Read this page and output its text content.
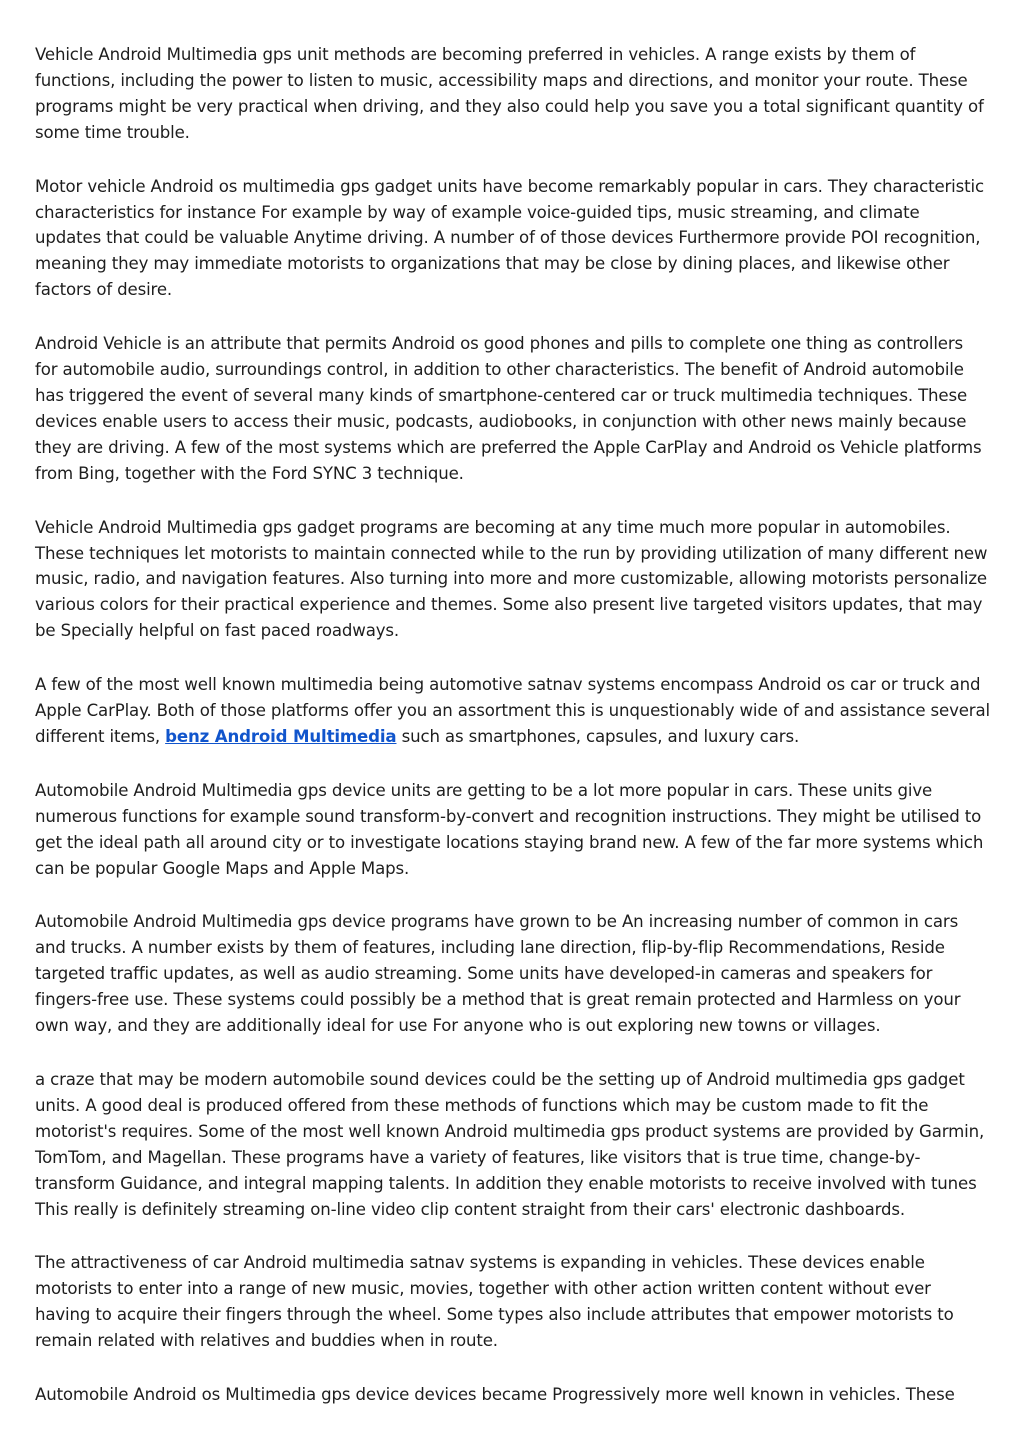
Vehicle Android Multimedia gps unit methods are becoming preferred in vehicles. A range exists by them of functions, including the power to listen to music, accessibility maps and directions, and monitor your route. These programs might be very practical when driving, and they also could help you save you a total significant quantity of some time trouble.

Motor vehicle Android os multimedia gps gadget units have become remarkably popular in cars. They characteristic characteristics for instance For example by way of example voice-guided tips, music streaming, and climate updates that could be valuable Anytime driving. A number of of those devices Furthermore provide POI recognition, meaning they may immediate motorists to organizations that may be close by dining places, and likewise other factors of desire.

Android Vehicle is an attribute that permits Android os good phones and pills to complete one thing as controllers for automobile audio, surroundings control, in addition to other characteristics. The benefit of Android automobile has triggered the event of several many kinds of smartphone-centered car or truck multimedia techniques. These devices enable users to access their music, podcasts, audiobooks, in conjunction with other news mainly because they are driving. A few of the most systems which are preferred the Apple CarPlay and Android os Vehicle platforms from Bing, together with the Ford SYNC 3 technique.

Vehicle Android Multimedia gps gadget programs are becoming at any time much more popular in automobiles. These techniques let motorists to maintain connected while to the run by providing utilization of many different new music, radio, and navigation features. Also turning into more and more customizable, allowing motorists personalize various colors for their practical experience and themes. Some also present live targeted visitors updates, that may be Specially helpful on fast paced roadways.

A few of the most well known multimedia being automotive satnav systems encompass Android os car or truck and Apple CarPlay. Both of those platforms offer you an assortment this is unquestionably wide of and assistance several different items, benz Android Multimedia such as smartphones, capsules, and luxury cars.

Automobile Android Multimedia gps device units are getting to be a lot more popular in cars. These units give numerous functions for example sound transform-by-convert and recognition instructions. They might be utilised to get the ideal path all around city or to investigate locations staying brand new. A few of the far more systems which can be popular Google Maps and Apple Maps.

Automobile Android Multimedia gps device programs have grown to be An increasing number of common in cars and trucks. A number exists by them of features, including lane direction, flip-by-flip Recommendations, Reside targeted traffic updates, as well as audio streaming. Some units have developed-in cameras and speakers for fingers-free use. These systems could possibly be a method that is great remain protected and Harmless on your own way, and they are additionally ideal for use For anyone who is out exploring new towns or villages.

a craze that may be modern automobile sound devices could be the setting up of Android multimedia gps gadget units. A good deal is produced offered from these methods of functions which may be custom made to fit the motorist's requires. Some of the most well known Android multimedia gps product systems are provided by Garmin, TomTom, and Magellan. These programs have a variety of features, like visitors that is true time, change-by-transform Guidance, and integral mapping talents. In addition they enable motorists to receive involved with tunes This really is definitely streaming on-line video clip content straight from their cars' electronic dashboards.

The attractiveness of car Android multimedia satnav systems is expanding in vehicles. These devices enable motorists to enter into a range of new music, movies, together with other action written content without ever having to acquire their fingers through the wheel. Some types also include attributes that empower motorists to remain related with relatives and buddies when in route.

Automobile Android os Multimedia gps device devices became Progressively more well known in vehicles. These
